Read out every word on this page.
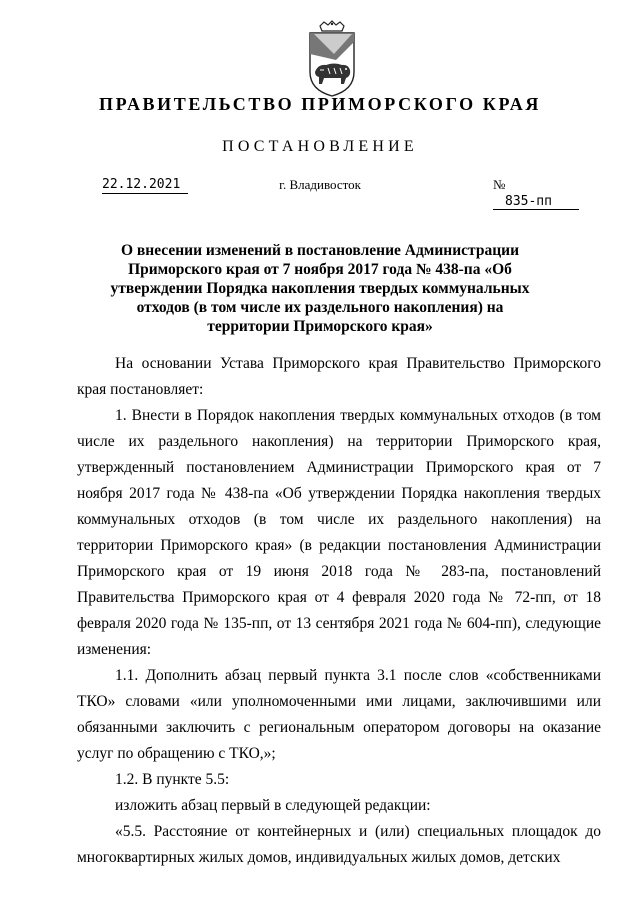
ПРАВИТЕЛЬСТВО ПРИМОРСКОГО КРАЯ
ПОСТАНОВЛЕНИЕ
22.12.2021	г. Владивосток	№ 835-пп
О внесении изменений в постановление Администрации Приморского края от 7 ноября 2017 года № 438-па «Об утверждении Порядка накопления твердых коммунальных отходов (в том числе их раздельного накопления) на территории Приморского края»

На основании Устава Приморского края Правительство Приморского края постановляет:

1. Внести в Порядок накопления твердых коммунальных отходов (в том числе их раздельного накопления) на территории Приморского края, утвержденный постановлением Администрации Приморского края от 7 ноября 2017 года № 438-па «Об утверждении Порядка накопления твердых коммунальных отходов (в том числе их раздельного накопления) на территории Приморского края» (в редакции постановления Администрации Приморского края от 19 июня 2018 года № 283-па, постановлений Правительства Приморского края от 4 февраля 2020 года № 72-пп, от 18 февраля 2020 года № 135-пп, от 13 сентября 2021 года № 604-пп), следующие изменения:

1.1. Дополнить абзац первый пункта 3.1 после слов «собственниками ТКО» словами «или уполномоченными ими лицами, заключившими или обязанными заключить с региональным оператором договоры на оказание услуг по обращению с ТКО,»;

1.2. В пункте 5.5:

изложить абзац первый в следующей редакции:

«5.5. Расстояние от контейнерных и (или) специальных площадок до многоквартирных жилых домов, индивидуальных жилых домов, детских
